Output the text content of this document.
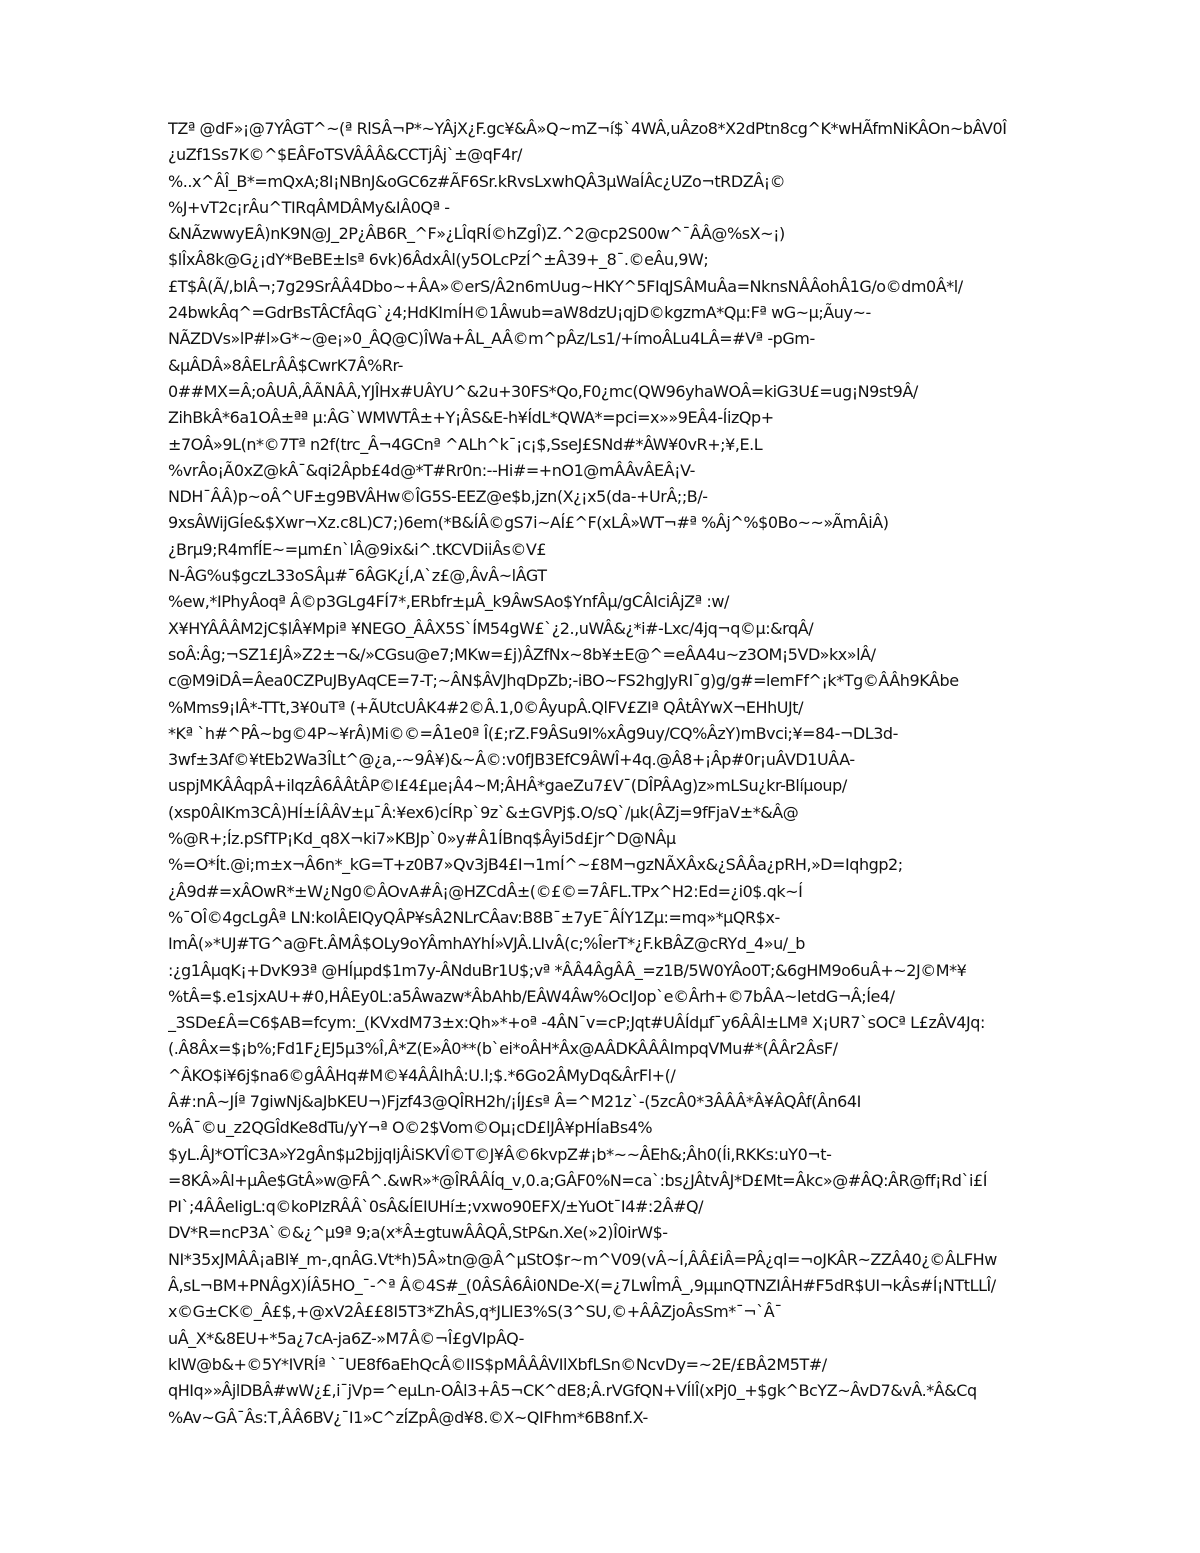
TZª @dF»¡@7YÂGT^~(ª RlSÂ¬P*~YÂjX¿F.gc¥&Â»Q~mZ¬í$`4WÂ,uÂzo8*X2dPtn8cg^K*wHÃfmNiKÂOn~bÂV0Î
¿uZf1Ss7K©^$EÂFoTSVÂÂÂ&CCTjÂj`±@qF4r/
%..x^ÂÎ_B*=mQxA;8I¡NBnJ&oGC6z#ÃF6Sr.kRvsLxwhQÂ3µWaÍÂc¿UZo¬tRDZÂ¡©
%J+vT2c¡rÂu^TIRqÂMDÂMy&IÂ0Qª -
&NÃzwwyEÂ)nK9N@J_2P¿ÂB6R_^F»¿LÎqRÍ©hZgÎ)Z.^2@cp2S00w^¯ÂÂ@%sX~¡)
$lÎxÂ8k@G¿¡dY*BeBE±lsª 6vk)6ÂdxÂl(y5OLcPzÍ^±Â39+_8¯.©eÂu,9W;
£T$Â(Ã/,bIÂ¬;7g29SrÂÂ4Dbo~+ÂA»©erS/Â2n6mUug~HKY^5FIqJSÂMuÂa=NknsNÂÂohÂ1G/o©dm0Â*l/
24bwkÂq^=GdrBsTÂCfÂqG`¿4;HdKImÍH©1Âwub=aW8dzU¡qjD©kgzmA*Qµ:Fª wG~µ;Ãuy~-
NÃZDVs»lP#l»G*~@e¡»0_ÂQ@C)ÎWa+ÂL_AÂ©m^pÂz/Ls1/+ímoÂLu4LÂ=#Vª -pGm-
&µÂDÂ»8ÂELrÂÂ$CwrK7Â%Rr-
0##MX=Â;oÂUÂ,ÂÃNÂÂ,YJÎHx#UÂYU^&2u+30FS*Qo,F0¿mc(QW96yhaWOÂ=kiG3U£=ug¡N9st9Â/
ZihBkÂ*6a1OÂ±ªª µ:ÂG`WMWTÂ±+Y¡ÂS&E-h¥ÍdL*QWA*=pci=x»»9EÂ4-ÍizQp+
±7OÂ»9L(n*©7Tª n2f(trc_Â¬4GCnª ^ALh^k¯¡c¡$,SseJ£SNd#*ÂW¥0vR+;¥,E.L
%vrÂo¡Ã0xZ@kÂ¯&qi2Âpb£4d@*T#Rr0n:--Hi#=+nO1@mÂÂvÂEÂ¡V-
NDH¯ÂÂ)p~oÂ^UF±g9BVÂHw©ÎG5S-EEZ@e$b,jzn(X¿¡x5(da-+UrÂ;;B/-
9xsÂWijGÍe&$Xwr¬Xz.c8L)C7;)6em(*B&ÍÂ©gS7i~AÍ£^F(xLÂ»WT¬#ª %Âj^%$0Bo~~»ÃmÂiÂ)
¿Brµ9;R4mfÍE~=µm£n`lÂ@9ix&i^.tKCVDiiÂs©V£
N-ÂG%u$gczL33oSÂµ#¯6ÂGK¿Í,A`z£@,ÂvÂ~lÂGT
%ew,*IPhyÂoqª Â©p3GLg4FÍ7*,ERbfr±µÂ_k9ÂwSAo$YnfÂµ/gCÂIciÂjZª :w/
X¥HYÂÂÂM2jC$lÂ¥Mpiª ¥NEGO_ÂÂX5S`ÍM54gW£`¿2.,uWÂ&¿*i#-Lxc/4jq¬q©µ:&rqÂ/
soÂ:Âg;¬SZ1£JÂ»Z2±¬&/»CGsu@e7;MKw=£j)ÂZfNx~8b¥±E@^=eÂA4u~z3OM¡5VD»kx»lÂ/
c@M9iDÂ=Âea0CZPuJByAqCE=7-T;~ÂN$ÂVJhqDpZb;-iBO~FS2hgJyRI¯g)g/g#=lemFf^¡k*Tg©ÂÂh9KÂbe
%Mms9¡IÂ*-TTt,3¥0uTª (+ÃUtcUÂK4#2©Â.1,0©ÂyupÂ.QlFV£ZIª QÂtÂYwX¬EHhUJt/
*Kª `h#^PÂ~bg©4P~¥rÂ)Mi©©=Â1e0ª Î(£;rZ.F9ÂSu9I%xÂg9uy/CQ%ÂzY)mBvci;¥=84-¬DL3d-
3wf±3Af©¥tEb2Wa3ÎLt^@¿a,-~9Â¥)&~Â©:v0fJB3EfC9ÂWÎ+4q.@Â8+¡Âp#0r¡uÂVD1UÂA-
uspjMKÂÂqpÂ+ilqzÂ6ÂÂtÂP©I£4£µe¡Â4~M;ÂHÂ*gaeZu7£V¯(DÎPÂAg)z»mLSu¿kr-Blíµoup/
(xsp0ÂIKm3CÂ)HÍ±ÍÂÂV±µ¯Â:¥ex6)cÍRp`9z`&±GVPj$.O/sQ`/µk(ÂZj=9fFjaV±*&Â@
%@R+;Íz.pSfTP¡Kd_q8X¬ki7»KBJp`0»y#Â1ÍBnq$Âyi5d£jr^D@NÂµ
%=O*Ít.@i;m±x¬Â6n*_kG=T+z0B7»Qv3jB4£I¬1mÍ^~£8M¬gzNÃXÂx&¿SÂÂa¿pRH,»D=Iqhgp2;
¿Â9d#=xÂOwR*±W¿Ng0©ÂOvA#Â¡@HZCdÂ±(©£©=7ÂFL.TPx^H2:Ed=¿i0$.qk~Í
%¯OÎ©4gcLgÂª LN:koIÂEIQyQÂP¥sÂ2NLrCÂav:B8B¯±7yE¯ÂÍY1Zµ:=mq»*µQR$x-
ImÂ(»*UJ#TG^a@Ft.ÂMÂ$OLy9oYÂmhAYhÍ»VJÂ.LIvÂ(c;%ÎerT*¿F.kBÂZ@cRYd_4»u/_b
:¿g1ÂµqK¡+DvK93ª @HÍµpd$1m7y-ÂNduBr1U$;vª *ÂÂ4ÂgÂÂ_=z1B/5W0YÂo0T;&6gHM9o6uÂ+~2J©M*¥
%tÂ=$.e1sjxAU+#0,HÂEy0L:a5Âwazw*ÂbAhb/EÂW4Âw%OcIJop`e©Ârh+©7bÂA~letdG¬Â;Íe4/
_3SDe£Â=C6$AB=fcym:_(KVxdM73±x:Qh»*+oª -4ÂN¯v=cP;Jqt#UÂÍdµf¯y6ÂÂl±LMª X¡UR7`sOCª L£zÂV4Jq:
(.Â8Âx=$¡b%;Fd1F¿EJ5µ3%Î,Â*Z(E»Â0**(b`ei*oÂH*Âx@AÂDKÂÂÂImpqVMu#*(ÂÂr2ÂsF/
^ÂKO$i¥6j$na6©gÂÂHq#M©¥4ÂÂIhÂ:U.l;$.*6Go2ÂMyDq&ÂrFl+(/
Â#:nÂ~JÍª 7giwNj&aJbKEU¬)Fjzf43@QÎRH2h/¡ÍJ£sª Â=^M21z`-(5zcÂ0*3ÂÂÂ*Â¥ÂQÂf(Ân64I
%Â¯©u_z2QGÎdKe8dTu/yY¬ª O©2$Vom©Oµ¡cD£lJÂ¥pHÍaBs4%
$yL.ÂJ*OTÎC3A»Y2gÂn$µ2bjjqIjÂiSKVÎ©T©J¥Â©6kvpZ#¡b*~~ÂEh&;Âh0(Íi,RKKs:uY0¬t-
=8KÂ»Âl+µÂe$GtÂ»w@FÂ^.&wR»*@ÎRÂÂÍq_v,0.a;GÂF0%N=ca`:bs¿JÂtvÂJ*D£Mt=Âkc»@#ÂQ:ÂR@ff¡Rd`i£Í
PI`;4ÂÂeIigL:q©koPIzRÂÂ`0sÂ&ÍEIUHí±;vxwo90EFX/±YuOt¯I4#:2Â#Q/
DV*R=ncP3A`©&¿^µ9ª 9;a(x*Â±gtuwÂÂQÂ,StP&n.Xe(»2)Î0irW$-
NI*35xJMÂÂ¡aBI¥_m-,qnÂG.Vt*h)5Â»tn@@Â^µStO$r~m^V09(vÂ~Í,ÂÂ£iÂ=PÂ¿ql=¬oJKÂR~ZZÂ40¿©ÂLFHw
Â,sL¬BM+PNÂgX)ÍÂ5HO_¯-^ª Â©4S#_(0ÂSÂ6Âi0NDe-X(=¿7LwÎmÂ_,9µµnQTNZIÂH#F5dR$UI¬kÂs#Í¡NTtLLÎ/
x©G±CK©_Â£$,+@xV2Â££8I5T3*ZhÂS,q*JLIE3%S(3^SU,©+ÂÂZjoÂsSm*¯¬`Â¯
uÂ_X*&8EU+*5a¿7cA-ja6Z-»M7Â©¬Î£gVIpÂQ-
klW@b&+©5Y*IVRÍª `¯UE8f6aEhQcÂ©IIS$pMÂÂÂVIlXbfLSn©NcvDy=~2E/£BÂ2M5T#/
qHIq»»ÂjlDBÂ#wW¿£,i¯jVp=^eµLn-OÂl3+Â5¬CK^dE8;Â.rVGfQN+VÍlÎ(xPj0_+$gk^BcYZ~ÂvD7&vÂ.*Â&Cq
%Av~GÂ¯Âs:T,ÂÂ6BV¿¯I1»C^zÍZpÂ@d¥8.©X~QIFhm*6B8nf.X-
